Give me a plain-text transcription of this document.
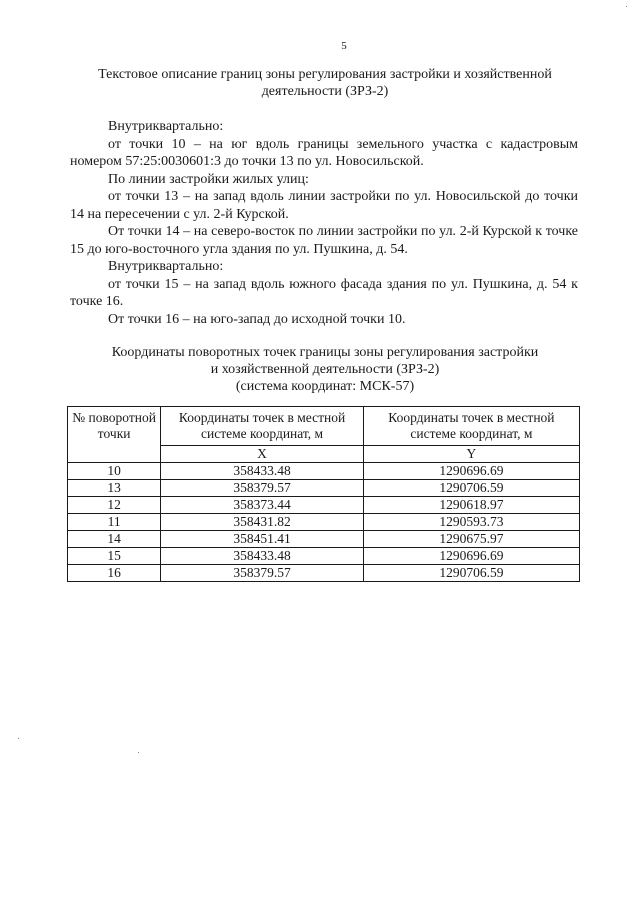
5
Текстовое описание границ зоны регулирования застройки и хозяйственной деятельности (ЗРЗ-2)

Внутриквартально:

от точки 10 – на юг вдоль границы земельного участка с кадастровым номером 57:25:0030601:3 до точки 13 по ул. Новосильской.

По линии застройки жилых улиц:

от точки 13 – на запад вдоль линии застройки по ул. Новосильской до точки 14 на пересечении с ул. 2-й Курской.

От точки 14 – на северо-восток по линии застройки по ул. 2-й Курской к точке 15 до юго-восточного угла здания по ул. Пушкина, д. 54.

Внутриквартально:

от точки 15 – на запад вдоль южного фасада здания по ул. Пушкина, д. 54 к точке 16.

От точки 16 – на юго-запад до исходной точки 10.

Координаты поворотных точек границы зоны регулирования застройки
и хозяйственной деятельности (ЗРЗ-2)
(система координат: МСК-57)
№ поворотной точки	Координаты точек в местной системе координат, м	Координаты точек в местной системе координат, м
	X	Y
10	358433.48	1290696.69
13	358379.57	1290706.59
12	358373.44	1290618.97
11	358431.82	1290593.73
14	358451.41	1290675.97
15	358433.48	1290696.69
16	358379.57	1290706.59
